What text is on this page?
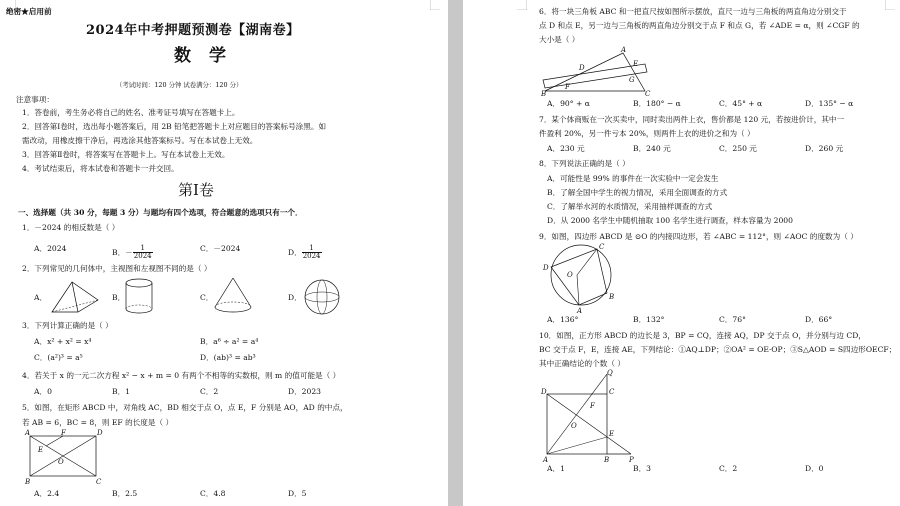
绝密★启用前
2024年中考押题预测卷【湖南卷】
数学
（考试时间：120 分钟 试卷满分：120 分）
注意事项：
1．答卷前，考生务必将自己的姓名、准考证号填写在答题卡上。
2．回答第Ⅰ卷时，选出每小题答案后，用 2B 铅笔把答题卡上对应题目的答案标号涂黑。如
需改动，用橡皮擦干净后，再选涂其他答案标号。写在本试卷上无效。
3．回答第Ⅱ卷时，将答案写在答题卡上。写在本试卷上无效。
4．考试结束后，将本试卷和答题卡一并交回。
第Ⅰ卷
一、选择题（共 30 分，每题 3 分）与题均有四个选项，符合题意的选项只有一个．
1．－2024 的相反数是（ ）
A．2024	B．－ $\frac{1}{2024}$	C．－2024	D． $\frac{1}{2024}$
2．下列常见的几何体中，主视图和左视图不同的是（ ）
A．	B．	C．	D．
3．下列计算正确的是（ ）
A．x² + x² = x⁴	B．a⁶ ÷ a² = a⁴
C．(a²)³ = a⁵	D．(ab)³ = ab³
4．若关于 x 的一元二次方程 x² − x + m = 0 有两个不相等的实数根，则 m 的值可能是（ ）
A．0	B．1	C．2	D．2023
5．如图，在矩形 ABCD 中，对角线 AC，BD 相交于点 O，点 E，F 分别是 AO，AD 的中点，
若 AB = 6，BC = 8，则 EF 的长度是（ ）
A	D
B	C
E
F
O
A．2.4	B．2.5	C．4.8	D．5
6．将一块三角板 ABC 和一把直尺按如图所示摆放，直尺一边与三角板的两直角边分别交于
点 D 和点 E，另一边与三角板的两直角边分别交于点 F 和点 G，若 ∠ADE = α，则 ∠CGF 的
大小是（ ）
B
A
C
D	E
F
G
A．90° + α	B．180° − α	C．45° + α	D．135° − α
7．某个体商贩在一次买卖中，同时卖出两件上衣，售价都是 120 元，若按进价计，其中一
件盈利 20%，另一件亏本 20%，则两件上衣的进价之和为（ ）
A．230 元	B．240 元	C．250 元	D．260 元
8．下列说法正确的是（ ）
A．可能性是 99% 的事件在一次实验中一定会发生
B．了解全国中学生的视力情况，采用全面调查的方式
C．了解举水河的水质情况，采用抽样调查的方式
D．从 2000 名学生中随机抽取 100 名学生进行调查，样本容量为 2000
9．如图，四边形 ABCD 是 ⊙O 的内接四边形，若 ∠ABC = 112°，则 ∠AOC 的度数为（ ）
C
D
B
A
O
A．136°	B．132°	C．76°	D．66°
10．如图，正方形 ABCD 的边长是 3，BP = CQ，连接 AQ，DP 交于点 O，并分别与边 CD，
BC 交于点 F，E，连接 AE，下列结论：①AQ⊥DP；②OA² = OE·OP；③S△AOD = S四边形OECF；
其中正确结论的个数（ ）
Q
D	C
F
E
O
A	B	P
A．1	B．3	C．2	D．0
